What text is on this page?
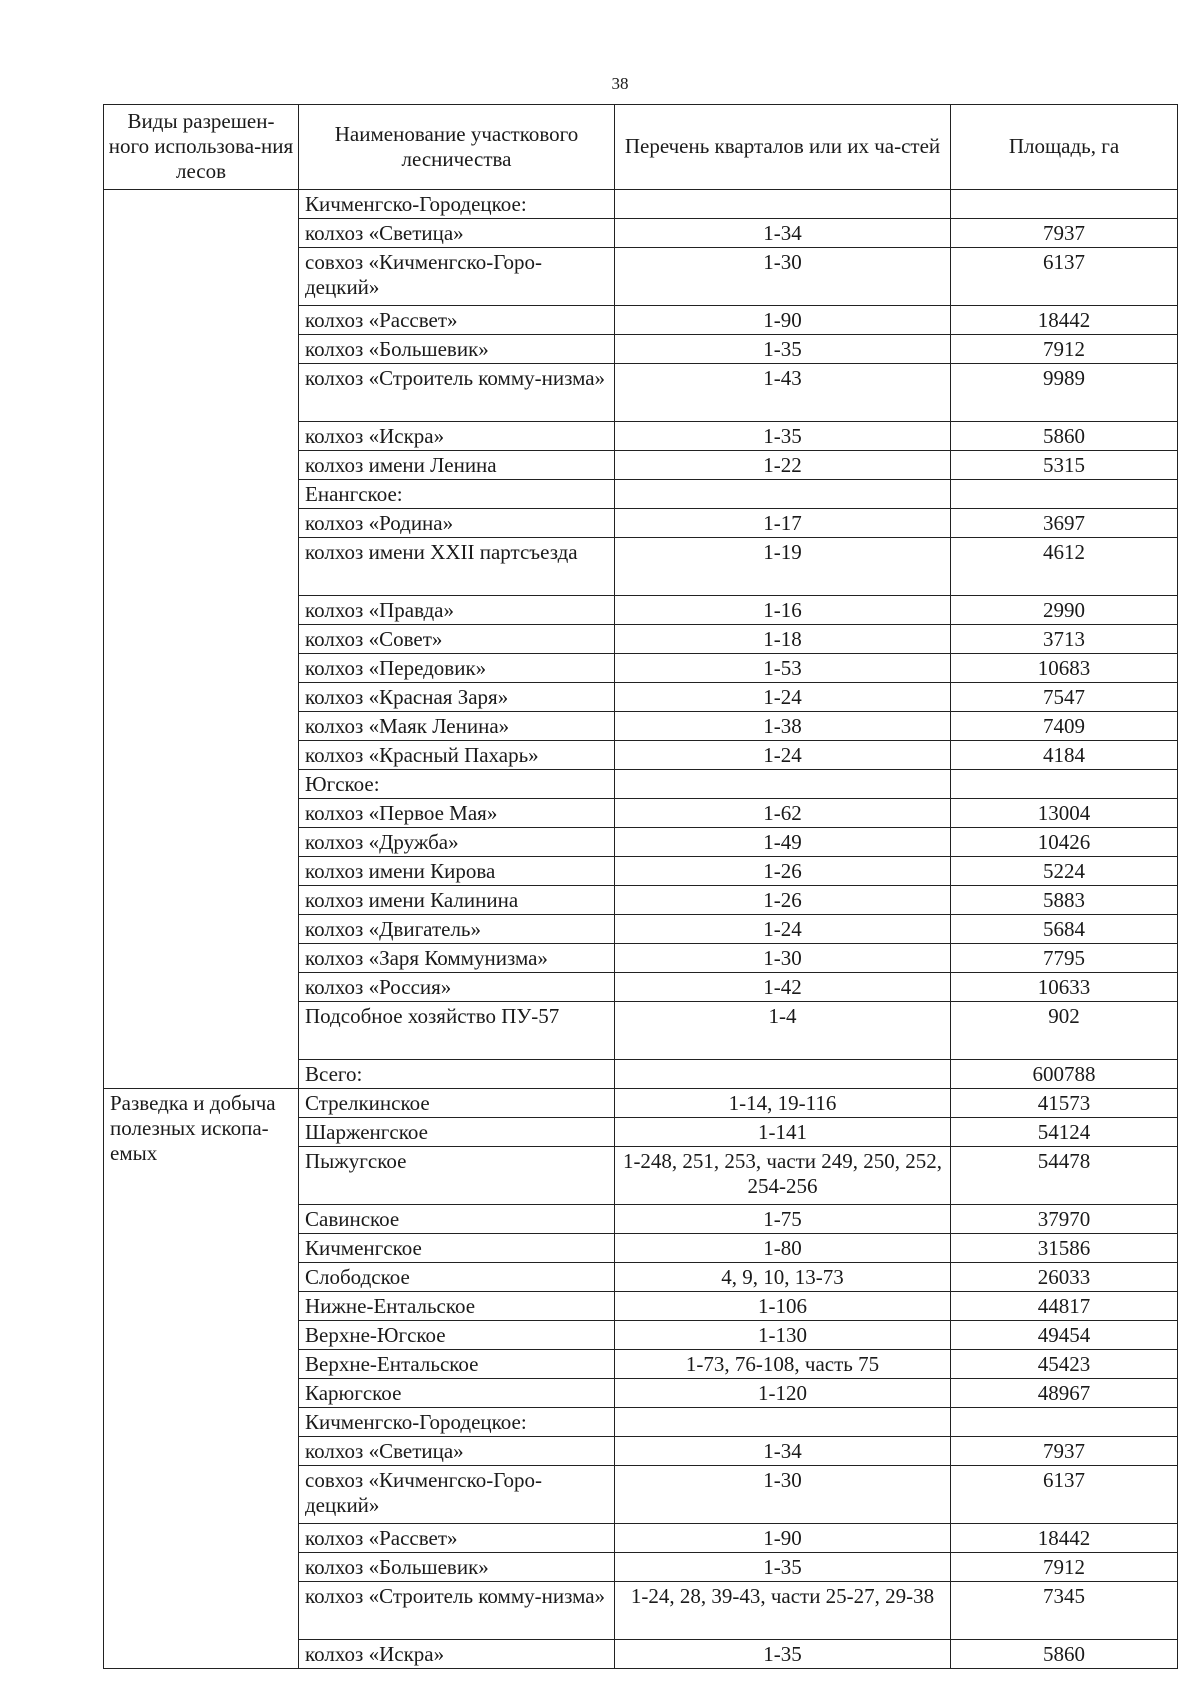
38
Виды разрешен-ного использова-ния лесов	Наименование участкового лесничества	Перечень кварталов или их ча-стей	Площадь, га
	Кичменгско-Городецкое:		
	колхоз «Светица»	1-34	7937
	совхоз «Кичменгско-Горо-децкий»	1-30	6137
	колхоз «Рассвет»	1-90	18442
	колхоз «Большевик»	1-35	7912
	колхоз «Строитель комму-низма»	1-43	9989
	колхоз «Искра»	1-35	5860
	колхоз имени Ленина	1-22	5315
	Енангское:		
	колхоз «Родина»	1-17	3697
	колхоз имени XXII партсъезда	1-19	4612
	колхоз «Правда»	1-16	2990
	колхоз «Совет»	1-18	3713
	колхоз «Передовик»	1-53	10683
	колхоз «Красная Заря»	1-24	7547
	колхоз «Маяк Ленина»	1-38	7409
	колхоз «Красный Пахарь»	1-24	4184
	Югское:		
	колхоз «Первое Мая»	1-62	13004
	колхоз «Дружба»	1-49	10426
	колхоз имени Кирова	1-26	5224
	колхоз имени Калинина	1-26	5883
	колхоз «Двигатель»	1-24	5684
	колхоз «Заря Коммунизма»	1-30	7795
	колхоз «Россия»	1-42	10633
	Подсобное хозяйство ПУ-57	1-4	902
	Всего:		600788
Разведка и добыча полезных ископа-емых	Стрелкинское	1-14, 19-116	41573
	Шарженгское	1-141	54124
	Пыжугское	1-248, 251, 253, части 249, 250, 252, 254-256	54478
	Савинское	1-75	37970
	Кичменгское	1-80	31586
	Слободское	4, 9, 10, 13-73	26033
	Нижне-Ентальское	1-106	44817
	Верхне-Югское	1-130	49454
	Верхне-Ентальское	1-73, 76-108, часть 75	45423
	Карюгское	1-120	48967
	Кичменгско-Городецкое:		
	колхоз «Светица»	1-34	7937
	совхоз «Кичменгско-Горо-децкий»	1-30	6137
	колхоз «Рассвет»	1-90	18442
	колхоз «Большевик»	1-35	7912
	колхоз «Строитель комму-низма»	1-24, 28, 39-43, части 25-27, 29-38	7345
	колхоз «Искра»	1-35	5860
